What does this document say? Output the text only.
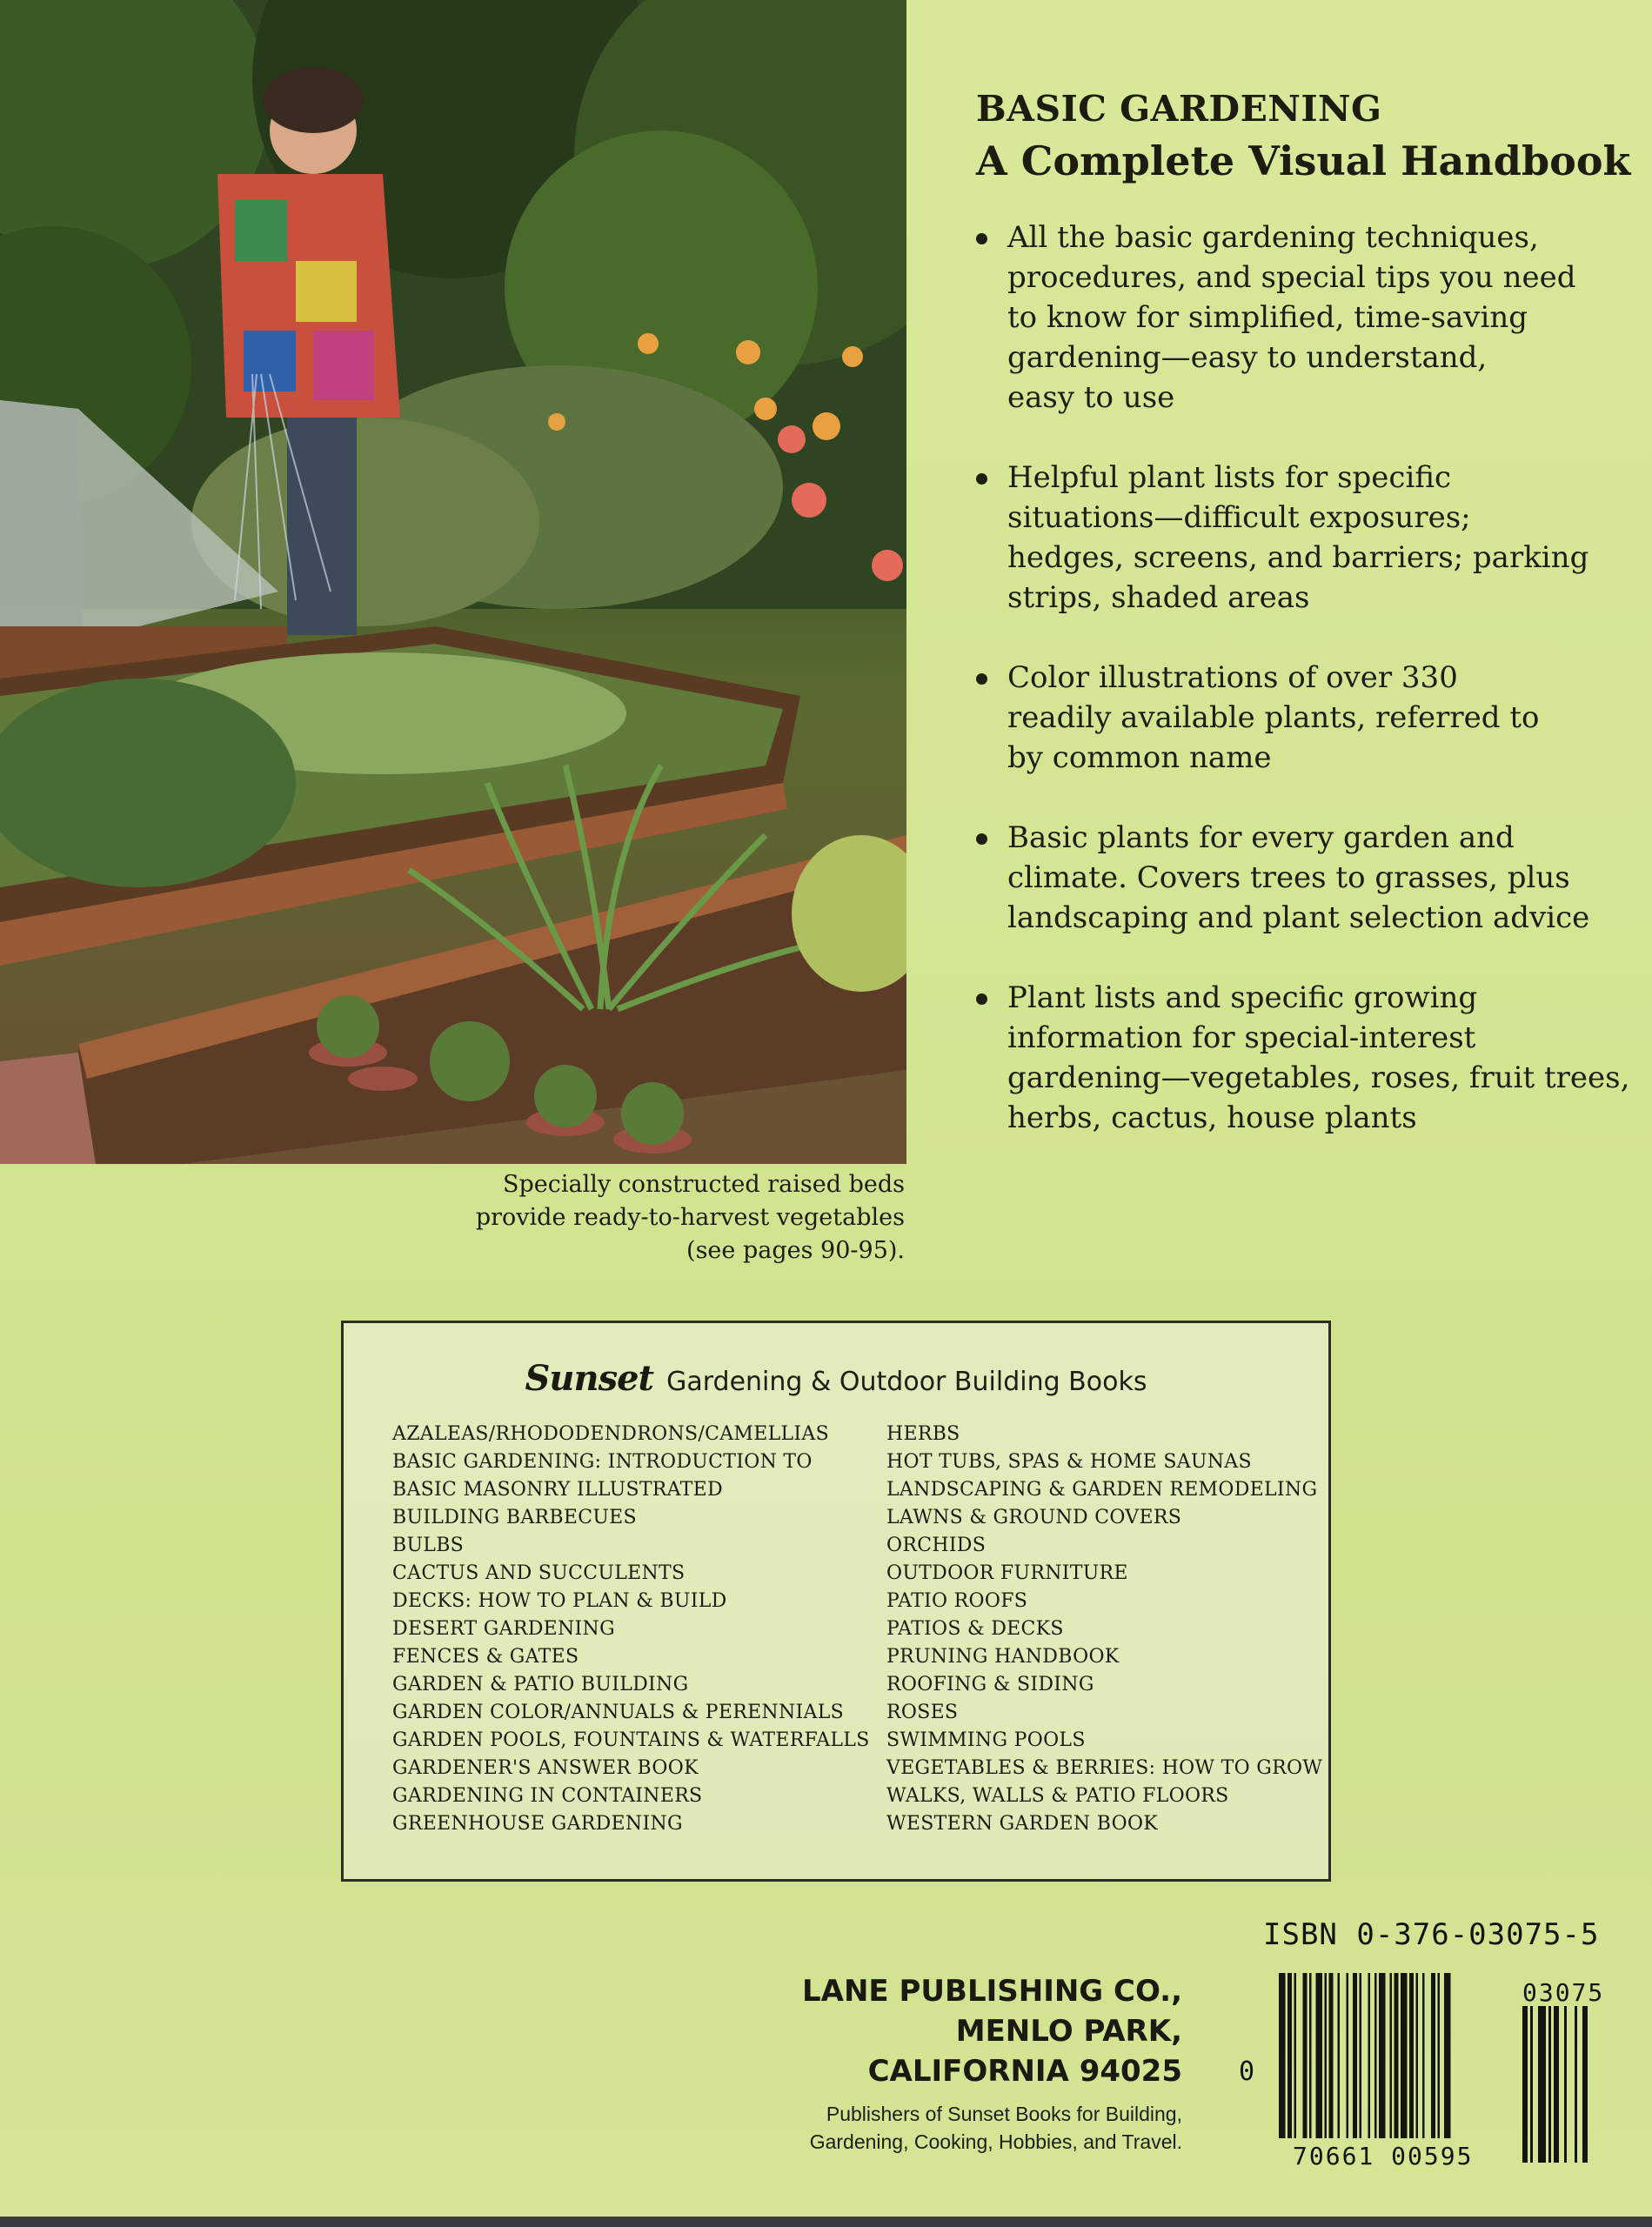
Specially constructed raised beds
provide ready-to-harvest vegetables
(see pages 90-95).
BASIC GARDENING
A Complete Visual Handbook
All the basic gardening techniques,
procedures, and special tips you need
to know for simplified, time-saving
gardening—easy to understand,
easy to use
Helpful plant lists for specific
situations—difficult exposures;
hedges, screens, and barriers; parking
strips, shaded areas
Color illustrations of over 330
readily available plants, referred to
by common name
Basic plants for every garden and
climate. Covers trees to grasses, plus
landscaping and plant selection advice
Plant lists and specific growing
information for special-interest
gardening—vegetables, roses, fruit trees,
herbs, cactus, house plants
Sunset Gardening & Outdoor Building Books
AZALEAS/RHODODENDRONS/CAMELLIAS
BASIC GARDENING: INTRODUCTION TO
BASIC MASONRY ILLUSTRATED
BUILDING BARBECUES
BULBS
CACTUS AND SUCCULENTS
DECKS: HOW TO PLAN & BUILD
DESERT GARDENING
FENCES & GATES
GARDEN & PATIO BUILDING
GARDEN COLOR/ANNUALS & PERENNIALS
GARDEN POOLS, FOUNTAINS & WATERFALLS
GARDENER'S ANSWER BOOK
GARDENING IN CONTAINERS
GREENHOUSE GARDENING
HERBS
HOT TUBS, SPAS & HOME SAUNAS
LANDSCAPING & GARDEN REMODELING
LAWNS & GROUND COVERS
ORCHIDS
OUTDOOR FURNITURE
PATIO ROOFS
PATIOS & DECKS
PRUNING HANDBOOK
ROOFING & SIDING
ROSES
SWIMMING POOLS
VEGETABLES & BERRIES: HOW TO GROW
WALKS, WALLS & PATIO FLOORS
WESTERN GARDEN BOOK
ISBN 0-376-03075-5
0
03075
70661 00595
LANE PUBLISHING CO.,
MENLO PARK,
CALIFORNIA 94025
Publishers of Sunset Books for Building,
Gardening, Cooking, Hobbies, and Travel.
